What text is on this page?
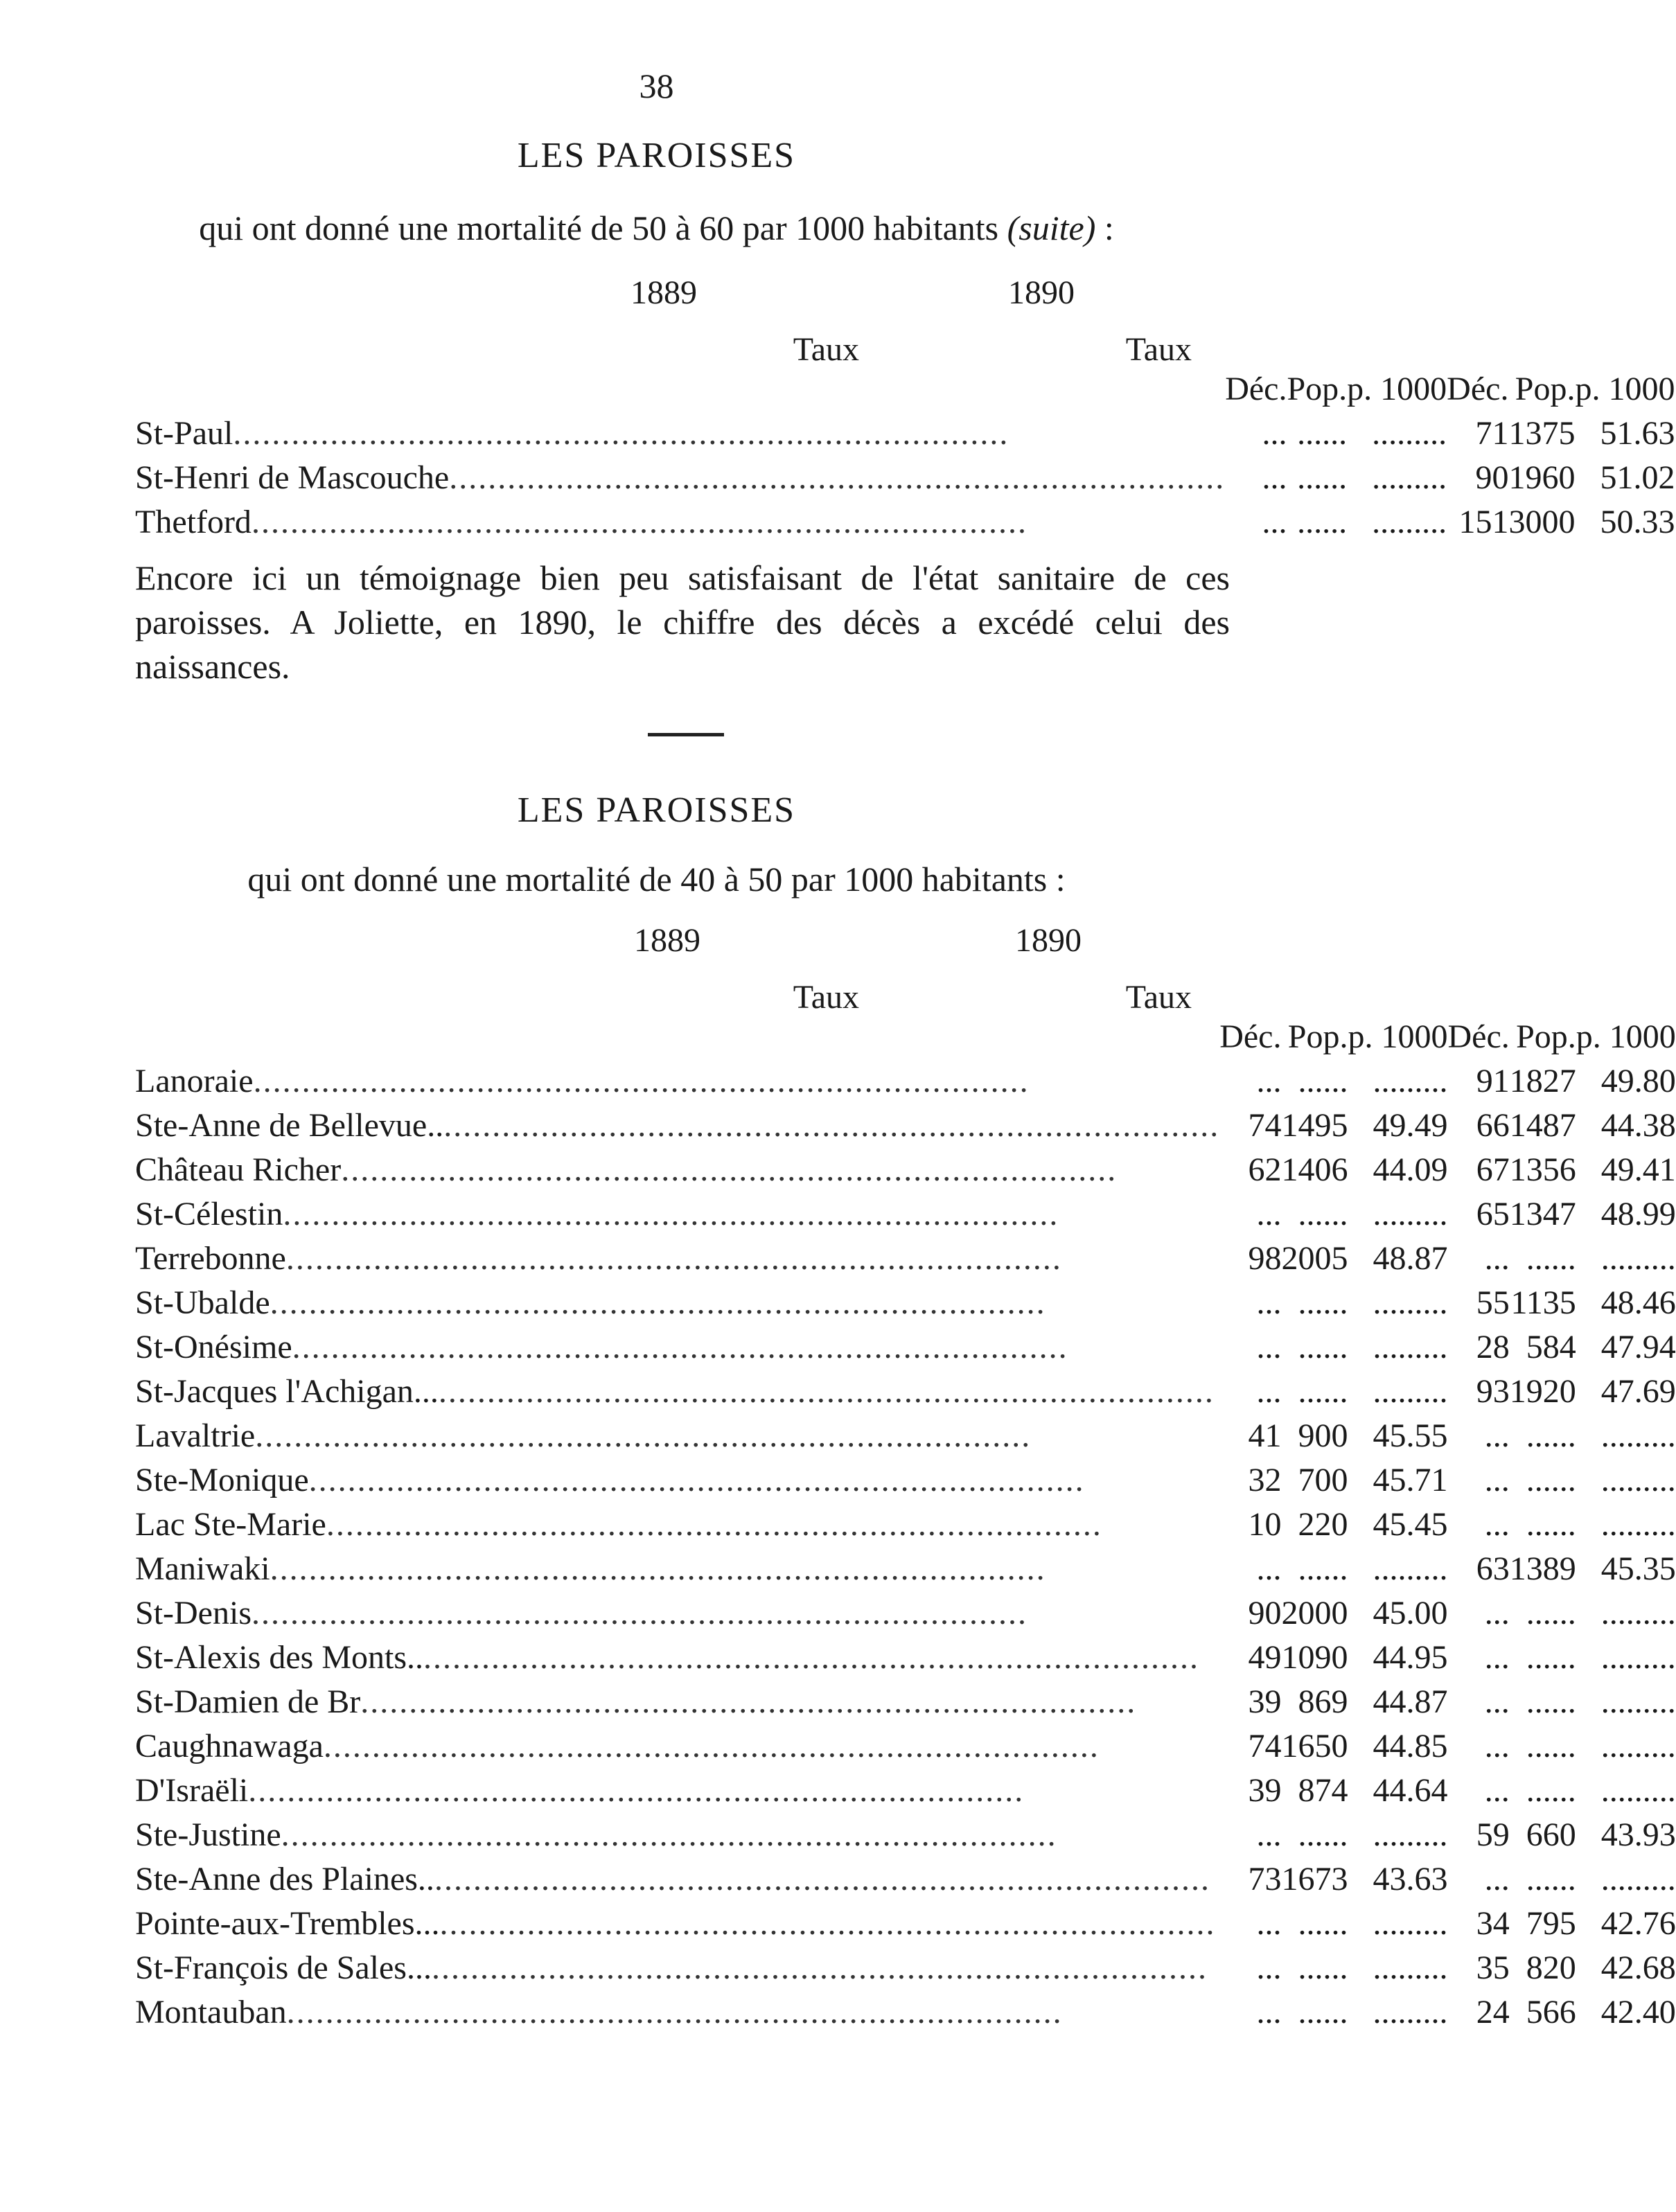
38
LES PAROISSES
qui ont donné une mortalité de 50 à 60 par 1000 habitants (suite) :
1889	1890
Taux	Taux
	Déc.	Pop.	p. 1000	Déc.	Pop.	p. 1000
St-Paul................................................................................	...	......	.........	71	1375	51.63
St-Henri de Mascouche................................................................................	...	......	.........	90	1960	51.02
Thetford................................................................................	...	......	.........	151	3000	50.33
Encore ici un témoignage bien peu satisfaisant de l'état sanitaire de ces paroisses. A Joliette, en 1890, le chiffre des décès a excédé celui des naissances.
LES PAROISSES
qui ont donné une mortalité de 40 à 50 par 1000 habitants :
1889	1890
Taux	Taux
	Déc.	Pop.	p. 1000	Déc.	Pop.	p. 1000
Lanoraie................................................................................	...	......	.........	91	1827	49.80
Ste-Anne de Bellevue..................................................................................	74	1495	49.49	66	1487	44.38
Château Richer................................................................................	62	1406	44.09	67	1356	49.41
St-Célestin................................................................................	...	......	.........	65	1347	48.99
Terrebonne................................................................................	98	2005	48.87	...	......	.........
St-Ubalde................................................................................	...	......	.........	55	1135	48.46
St-Onésime................................................................................	...	......	.........	28	584	47.94
St-Jacques l'Achigan...................................................................................	...	......	.........	93	1920	47.69
Lavaltrie................................................................................	41	900	45.55	...	......	.........
Ste-Monique................................................................................	32	700	45.71	...	......	.........
Lac Ste-Marie................................................................................	10	220	45.45	...	......	.........
Maniwaki................................................................................	...	......	.........	63	1389	45.35
St-Denis................................................................................	90	2000	45.00	...	......	.........
St-Alexis des Monts..................................................................................	49	1090	44.95	...	......	.........
St-Damien de Br................................................................................	39	869	44.87	...	......	.........
Caughnawaga................................................................................	74	1650	44.85	...	......	.........
D'Israëli................................................................................	39	874	44.64	...	......	.........
Ste-Justine................................................................................	...	......	.........	59	660	43.93
Ste-Anne des Plaines..................................................................................	73	1673	43.63	...	......	.........
Pointe-aux-Trembles...................................................................................	...	......	.........	34	795	42.76
St-François de Sales...................................................................................	...	......	.........	35	820	42.68
Montauban................................................................................	...	......	.........	24	566	42.40
